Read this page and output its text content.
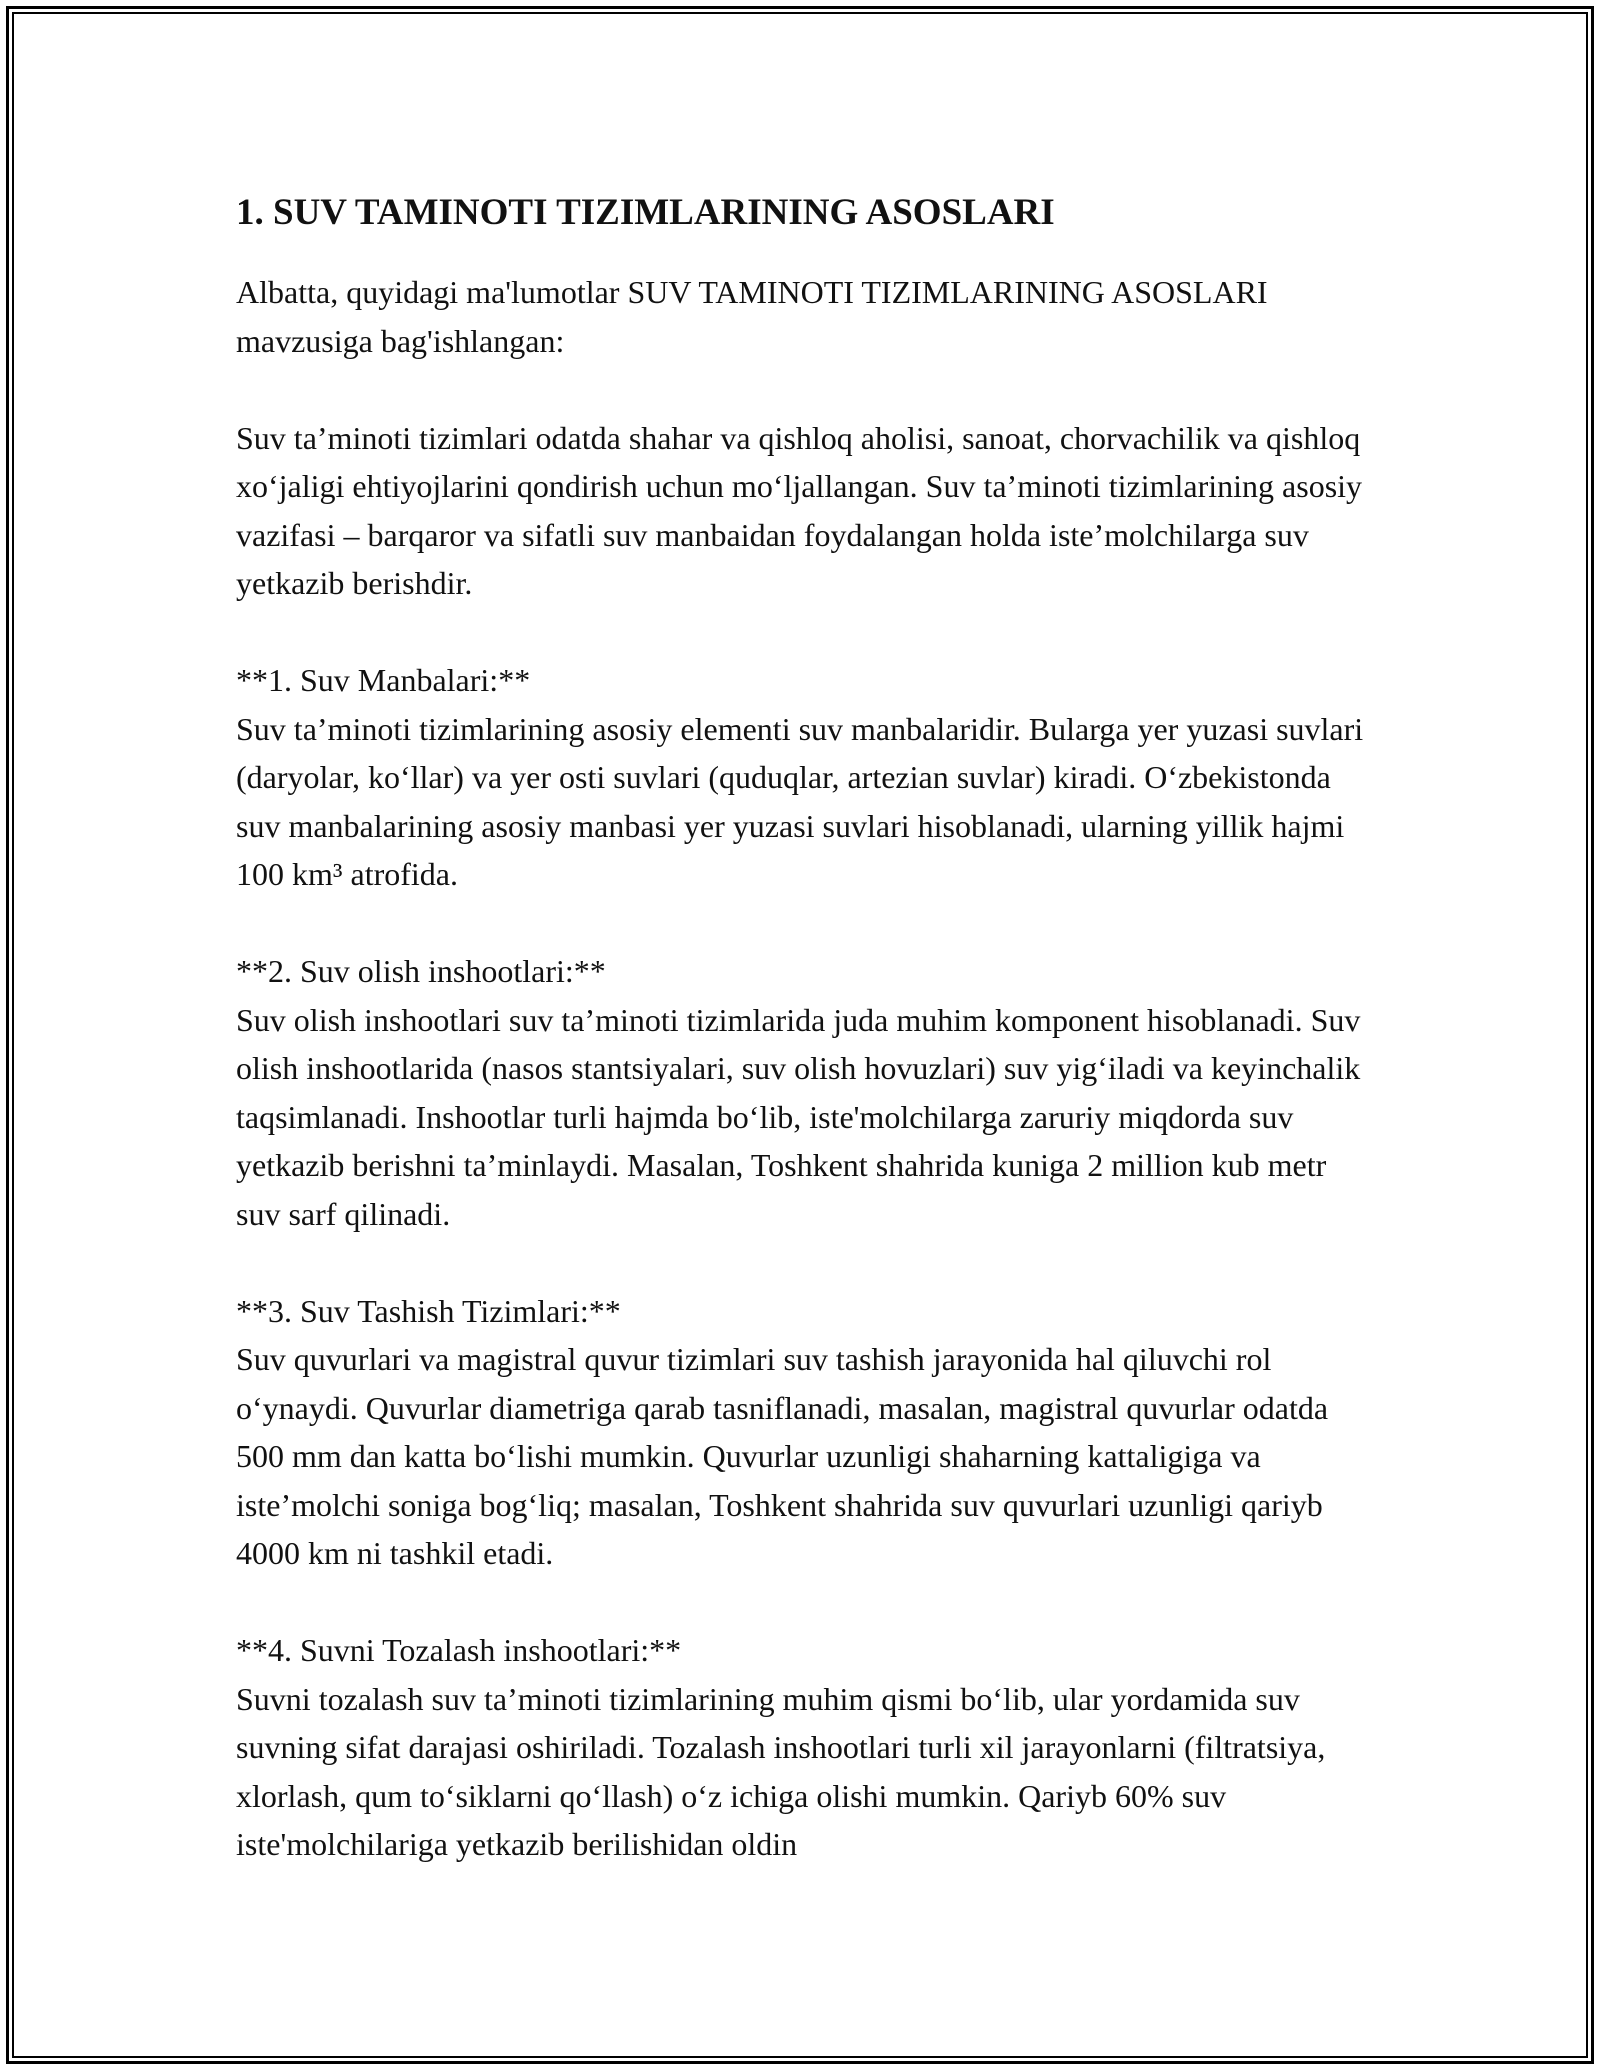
1. SUV TAMINOTI TIZIMLARINING ASOSLARI

Albatta, quyidagi ma'lumotlar SUV TAMINOTI TIZIMLARINING ASOSLARI mavzusiga bag'ishlangan:

Suv ta’minoti tizimlari odatda shahar va qishloq aholisi, sanoat, chorvachilik va qishloq xo‘jaligi ehtiyojlarini qondirish uchun mo‘ljallangan. Suv ta’minoti tizimlarining asosiy vazifasi – barqaror va sifatli suv manbaidan foydalangan holda iste’molchilarga suv yetkazib berishdir.

**1. Suv Manbalari:**

Suv ta’minoti tizimlarining asosiy elementi suv manbalaridir. Bularga yer yuzasi suvlari (daryolar, ko‘llar) va yer osti suvlari (quduqlar, artezian suvlar) kiradi. O‘zbekistonda suv manbalarining asosiy manbasi yer yuzasi suvlari hisoblanadi, ularning yillik hajmi 100 km³ atrofida.

**2. Suv olish inshootlari:**

Suv olish inshootlari suv ta’minoti tizimlarida juda muhim komponent hisoblanadi. Suv olish inshootlarida (nasos stantsiyalari, suv olish hovuzlari) suv yig‘iladi va keyinchalik taqsimlanadi. Inshootlar turli hajmda bo‘lib, iste'molchilarga zaruriy miqdorda suv yetkazib berishni ta’minlaydi. Masalan, Toshkent shahrida kuniga 2 million kub metr suv sarf qilinadi.

**3. Suv Tashish Tizimlari:**

Suv quvurlari va magistral quvur tizimlari suv tashish jarayonida hal qiluvchi rol o‘ynaydi. Quvurlar diametriga qarab tasniflanadi, masalan, magistral quvurlar odatda 500 mm dan katta bo‘lishi mumkin. Quvurlar uzunligi shaharning kattaligiga va iste’molchi soniga bog‘liq; masalan, Toshkent shahrida suv quvurlari uzunligi qariyb 4000 km ni tashkil etadi.

**4. Suvni Tozalash inshootlari:**

Suvni tozalash suv ta’minoti tizimlarining muhim qismi bo‘lib, ular yordamida suv suvning sifat darajasi oshiriladi. Tozalash inshootlari turli xil jarayonlarni (filtratsiya, xlorlash, qum to‘siklarni qo‘llash) o‘z ichiga olishi mumkin. Qariyb 60% suv iste'molchilariga yetkazib berilishidan oldin
